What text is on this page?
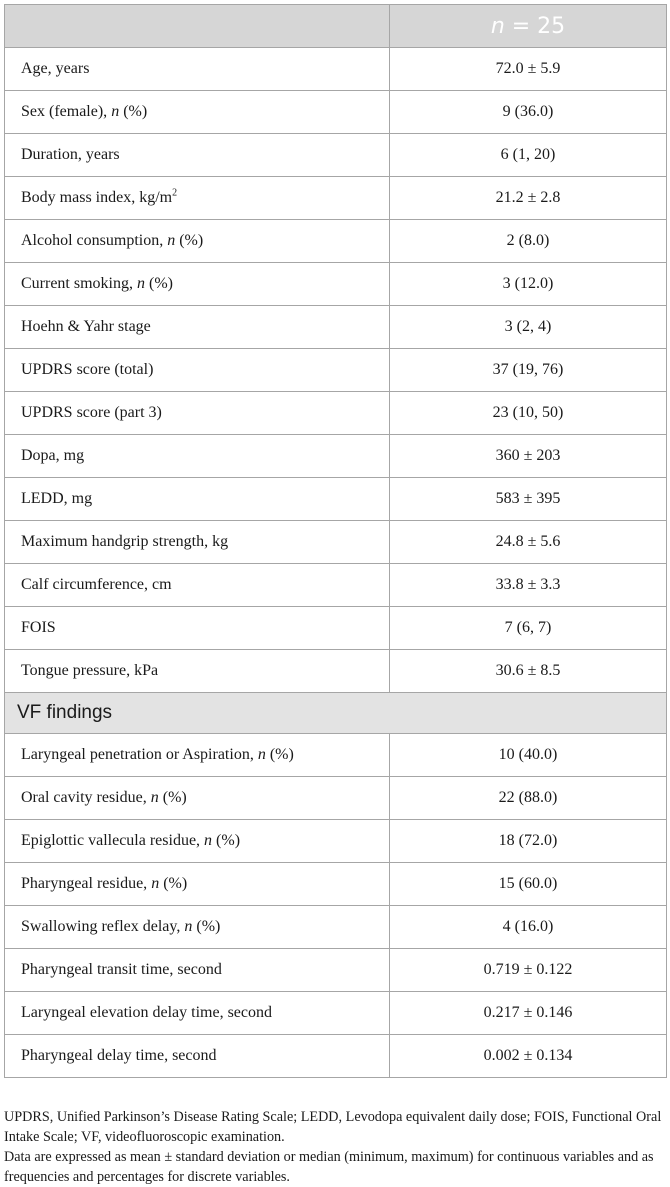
	n = 25
Age, years	72.0 ± 5.9
Sex (female), n (%)	9 (36.0)
Duration, years	6 (1, 20)
Body mass index, $kg/m^2$	21.2 ± 2.8
Alcohol consumption, n (%)	2 (8.0)
Current smoking, n (%)	3 (12.0)
Hoehn & Yahr stage	3 (2, 4)
UPDRS score (total)	37 (19, 76)
UPDRS score (part 3)	23 (10, 50)
Dopa, mg	360 ± 203
LEDD, mg	583 ± 395
Maximum handgrip strength, kg	24.8 ± 5.6
Calf circumference, cm	33.8 ± 3.3
FOIS	7 (6, 7)
Tongue pressure, kPa	30.6 ± 8.5
VF findings	
Laryngeal penetration or Aspiration, n (%)	10 (40.0)
Oral cavity residue, n (%)	22 (88.0)
Epiglottic vallecula residue, n (%)	18 (72.0)
Pharyngeal residue, n (%)	15 (60.0)
Swallowing reflex delay, n (%)	4 (16.0)
Pharyngeal transit time, second	0.719 ± 0.122
Laryngeal elevation delay time, second	0.217 ± 0.146
Pharyngeal delay time, second	0.002 ± 0.134

UPDRS, Unified Parkinson’s Disease Rating Scale; LEDD, Levodopa equivalent daily dose; FOIS, Functional Oral Intake Scale; VF, videofluoroscopic examination.

Data are expressed as mean ± standard deviation or median (minimum, maximum) for continuous variables and as frequencies and percentages for discrete variables.
